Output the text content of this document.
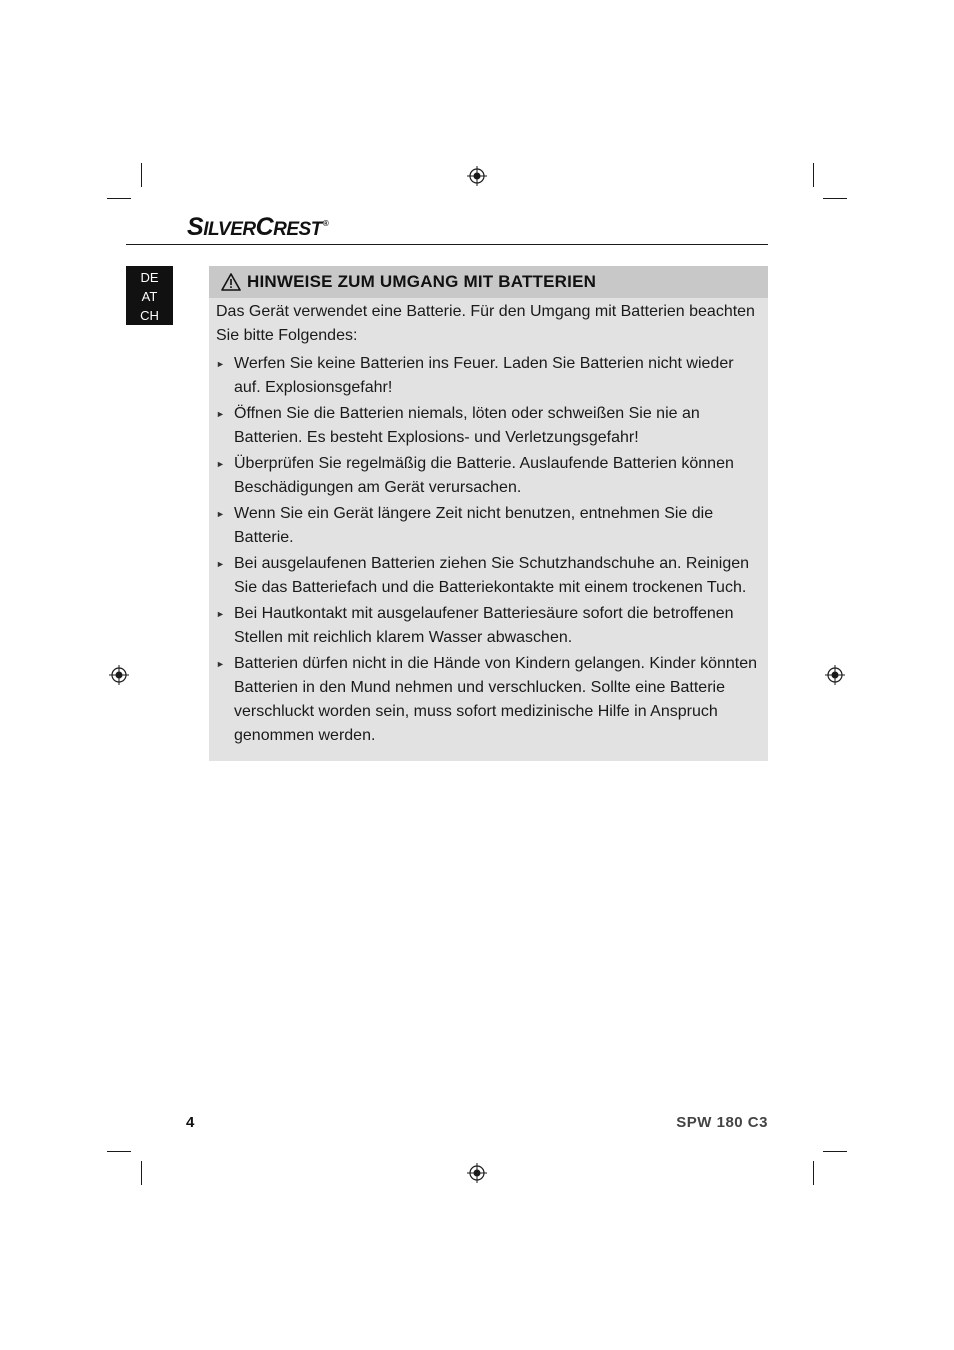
SILVERCREST®
DE
AT
CH
HINWEISE ZUM UMGANG MIT BATTERIEN

Das Gerät verwendet eine Batterie. Für den Umgang mit Batterien beachten Sie bitte Folgendes:

► Werfen Sie keine Batterien ins Feuer. Laden Sie Batterien nicht wieder auf. Explosionsgefahr!
► Öffnen Sie die Batterien niemals, löten oder schweißen Sie nie an Batterien. Es besteht Explosions- und Verletzungsgefahr!
► Überprüfen Sie regelmäßig die Batterie. Auslaufende Batterien können Beschädigungen am Gerät verursachen.
► Wenn Sie ein Gerät längere Zeit nicht benutzen, entnehmen Sie die Batterie.
► Bei ausgelaufenen Batterien ziehen Sie Schutzhandschuhe an. Reinigen Sie das Batteriefach und die Batteriekontakte mit einem trockenen Tuch.
► Bei Hautkontakt mit ausgelaufener Batteriesäure sofort die betroffenen Stellen mit reichlich klarem Wasser abwaschen.
► Batterien dürfen nicht in die Hände von Kindern gelangen. Kinder könnten Batterien in den Mund nehmen und verschlucken. Sollte eine Batterie verschluckt worden sein, muss sofort medizinische Hilfe in Anspruch genommen werden.
4	SPW 180 C3
